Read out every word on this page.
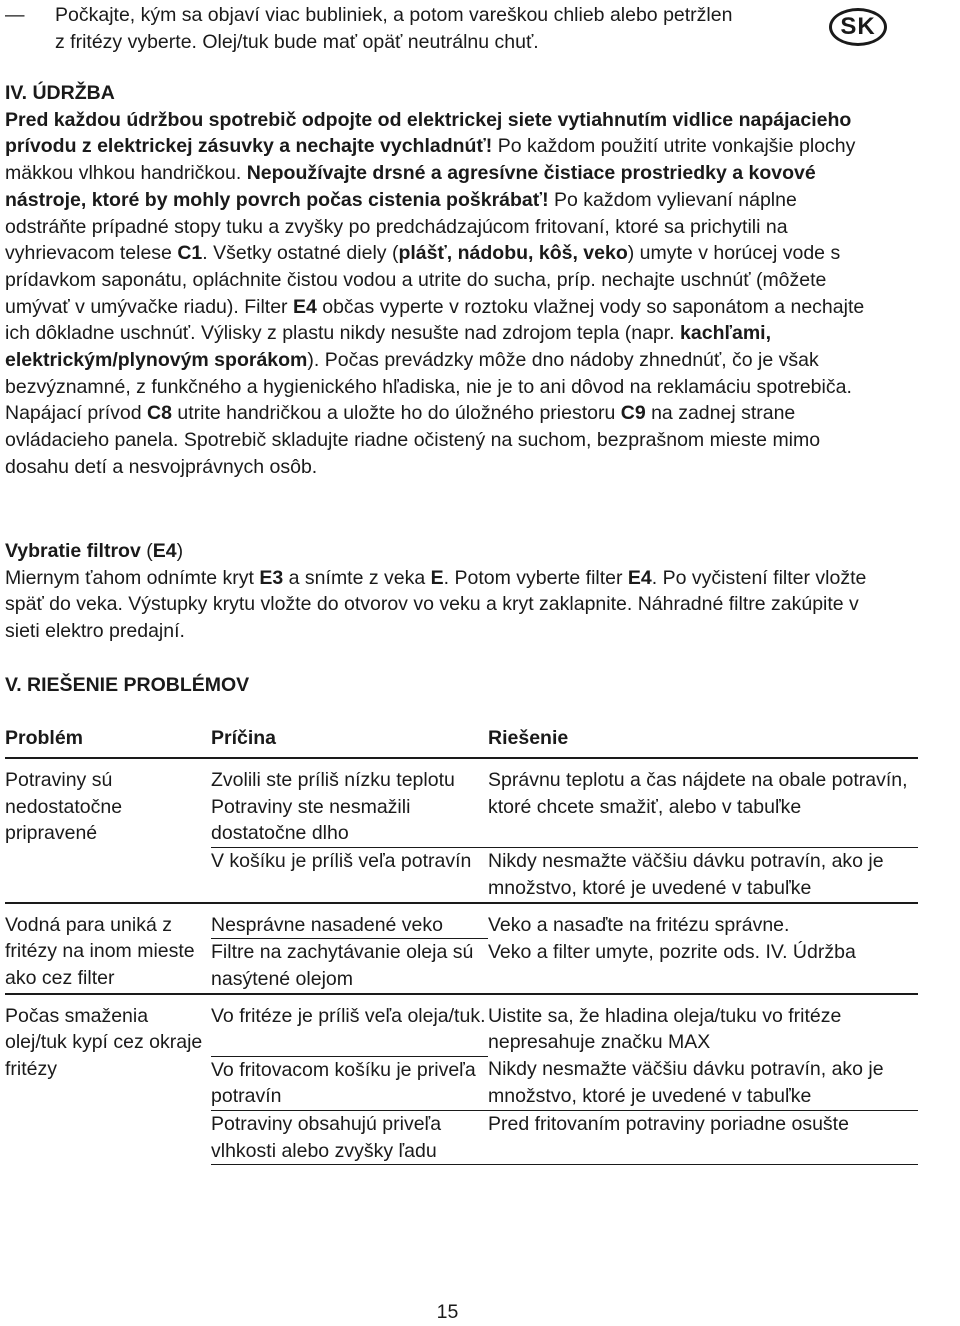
SK
— Počkajte, kým sa objaví viac bubliniek, a potom vareškou chlieb alebo petržlen

z fritézy vyberte. Olej/tuk bude mať opäť neutrálnu chuť.

IV. ÚDRŽBA

Pred každou údržbou spotrebič odpojte od elektrickej siete vytiahnutím vidlice napájacieho prívodu z elektrickej zásuvky a nechajte vychladnúť! Po každom použití utrite vonkajšie plochy mäkkou vlhkou handričkou. Nepoužívajte drsné a agresívne čistiace prostriedky a kovové nástroje, ktoré by mohly povrch počas cistenia poškrábať! Po každom vylievaní náplne odstráňte prípadné stopy tuku a zvyšky po predchádzajúcom fritovaní, ktoré sa prichytili na vyhrievacom telese C1. Všetky ostatné diely (plášť, nádobu, kôš, veko) umyte v horúcej vode s prídavkom saponátu, opláchnite čistou vodou a utrite do sucha, príp. nechajte uschnúť (môžete umývať v umývačke riadu). Filter E4 občas vyperte v roztoku vlažnej vody so saponátom a nechajte ich dôkladne uschnúť. Výlisky z plastu nikdy nesušte nad zdrojom tepla (napr. kachľami, elektrickým/plynovým sporákom). Počas prevádzky môže dno nádoby zhnednúť, čo je však bezvýznamné, z funkčného a hygienického hľadiska, nie je to ani dôvod na reklamáciu spotrebiča. Napájací prívod C8 utrite handričkou a uložte ho do úložného priestoru C9 na zadnej strane ovládacieho panela. Spotrebič skladujte riadne očistený na suchom, bezprašnom mieste mimo dosahu detí a nesvojprávnych osôb.

Vybratie filtrov (E4)

Miernym ťahom odnímte kryt E3 a snímte z veka E. Potom vyberte filter E4. Po vyčistení filter vložte späť do veka. Výstupky krytu vložte do otvorov vo veku a kryt zaklapnite. Náhradné filtre zakúpite v sieti elektro predajní.

V. RIEŠENIE PROBLÉMOV

Problém	Príčina	Riešenie

Potraviny sú nedostatočne pripravené	Zvolili ste príliš nízku teplotu	Správnu teplotu a čas nájdete na obale potravín, ktoré chcete smažiť, alebo v tabuľke
	Potraviny ste nesmažili dostatočne dlho	
	V košíku je príliš veľa potravín	Nikdy nesmažte väčšiu dávku potravín, ako je množstvo, ktoré je uvedené v tabuľke

Vodná para uniká z fritézy na inom mieste ako cez filter	Nesprávne nasadené veko	Veko a nasaďte na fritézu správne.
	Filtre na zachytávanie oleja sú nasýtené olejom	Veko a filter umyte, pozrite ods. IV. Údržba

Počas smaženia olej/tuk kypí cez okraje fritézy	Vo fritéze je príliš veľa oleja/tuk.	Uistite sa, že hladina oleja/tuku vo fritéze nepresahuje značku MAX
	Vo fritovacom košíku je priveľa potravín	Nikdy nesmažte väčšiu dávku potravín, ako je množstvo, ktoré je uvedené v tabuľke
	Potraviny obsahujú priveľa vlhkosti alebo zvyšky ľadu	Pred fritovaním potraviny poriadne osušte
15
